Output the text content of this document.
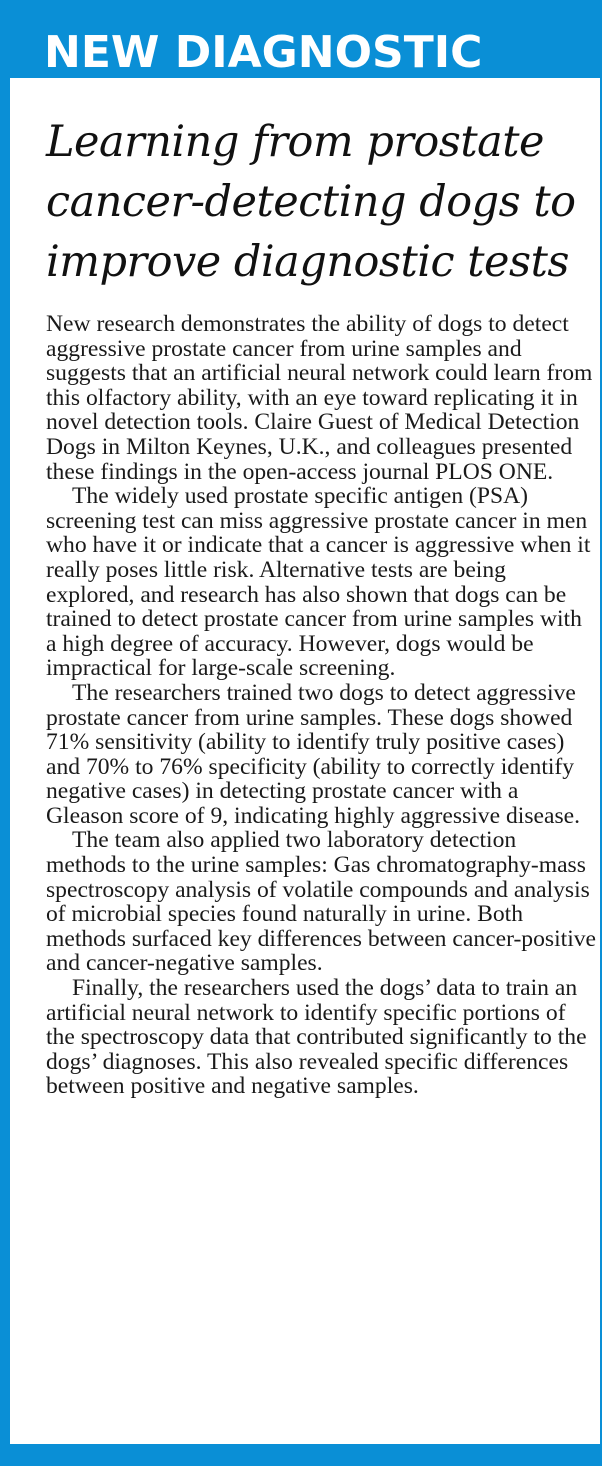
NEW DIAGNOSTIC
Learning from prostate cancer-detecting dogs to improve diagnostic tests

New research demonstrates the ability of dogs to detect aggressive prostate cancer from urine samples and suggests that an artificial neural network could learn from this olfactory ability, with an eye toward replicating it in novel detection tools. Claire Guest of Medical Detection Dogs in Milton Keynes, U.K., and colleagues presented these findings in the open-access journal PLOS ONE.

The widely used prostate specific antigen (PSA) screening test can miss aggressive prostate cancer in men who have it or indicate that a cancer is aggressive when it really poses little risk. Alternative tests are being explored, and research has also shown that dogs can be trained to detect prostate cancer from urine samples with a high degree of accuracy. However, dogs would be impractical for large-scale screening.

The researchers trained two dogs to detect aggressive prostate cancer from urine samples. These dogs showed 71% sensitivity (ability to identify truly positive cases) and 70% to 76% specificity (ability to correctly identify negative cases) in detecting prostate cancer with a Gleason score of 9, indicating highly aggressive disease.

The team also applied two laboratory detection methods to the urine samples: Gas chromatography-mass spectroscopy analysis of volatile compounds and analysis of microbial species found naturally in urine. Both methods surfaced key differences between cancer-positive and cancer-negative samples.

Finally, the researchers used the dogs’ data to train an artificial neural network to identify specific portions of the spectroscopy data that contributed significantly to the dogs’ diagnoses. This also revealed specific differences between positive and negative samples.
